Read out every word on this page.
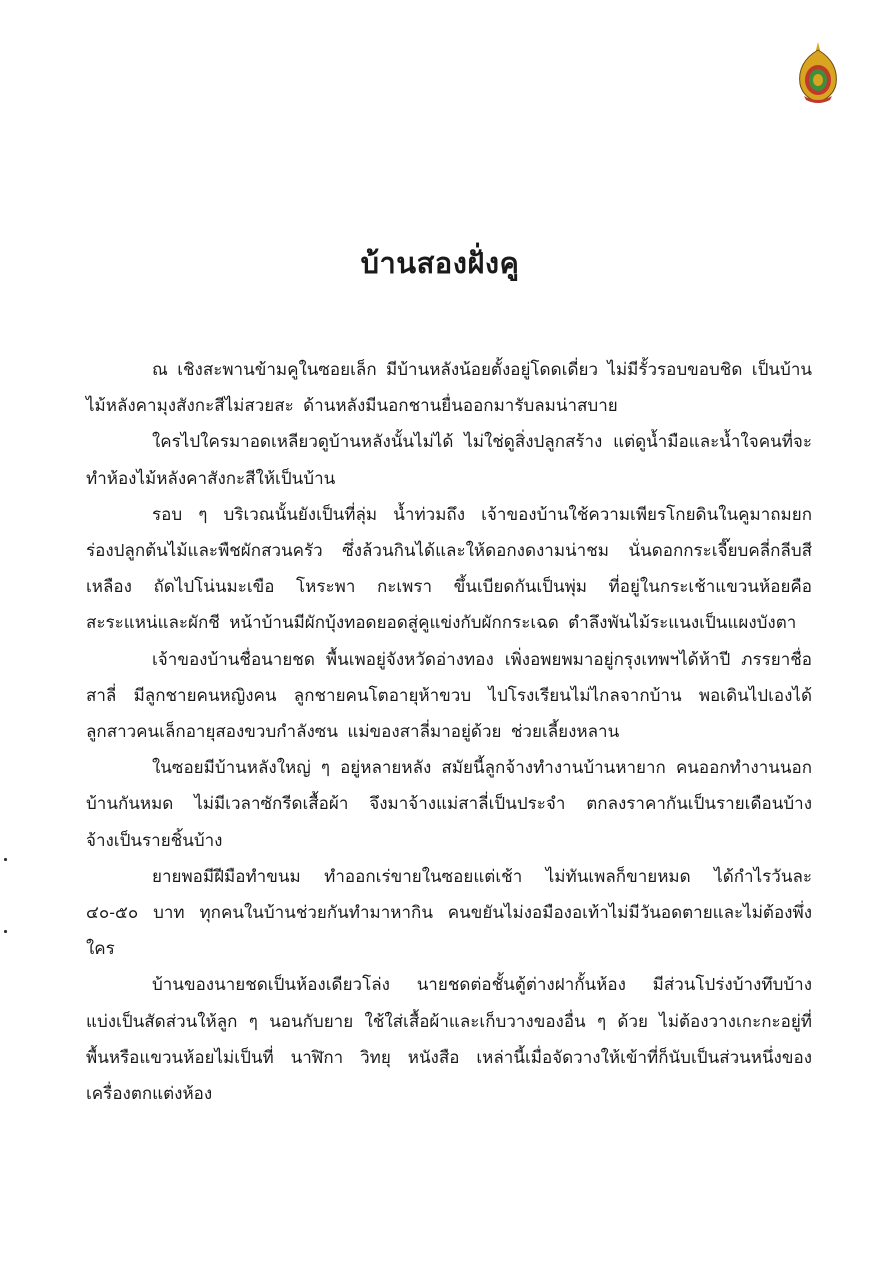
บ้านสองฝั่งคู

ณ เชิงสะพานข้ามคูในซอยเล็ก มีบ้านหลังน้อยตั้งอยู่โดดเดี่ยว ไม่มีรั้วรอบขอบชิด เป็นบ้านไม้หลังคามุงสังกะสีไม่สวยสะ ด้านหลังมีนอกชานยื่นออกมารับลมน่าสบาย

ใครไปใครมาอดเหลียวดูบ้านหลังนั้นไม่ได้ ไม่ใช่ดูสิ่งปลูกสร้าง แต่ดูน้ำมือและน้ำใจคนที่จะทำห้องไม้หลังคาสังกะสีให้เป็นบ้าน

รอบ ๆ บริเวณนั้นยังเป็นที่ลุ่ม น้ำท่วมถึง เจ้าของบ้านใช้ความเพียรโกยดินในคูมาถมยกร่องปลูกต้นไม้และพืชผักสวนครัว ซึ่งล้วนกินได้และให้ดอกงดงามน่าชม นั่นดอกกระเจี๊ยบคลี่กลีบสีเหลือง ถัดไปโน่นมะเขือ โหระพา กะเพรา ขึ้นเบียดกันเป็นพุ่ม ที่อยู่ในกระเช้าแขวนห้อยคือสะระแหน่และผักชี หน้าบ้านมีผักบุ้งทอดยอดสู่คูแข่งกับผักกระเฉด ตำลึงพันไม้ระแนงเป็นแผงบังตา

เจ้าของบ้านชื่อนายชด พื้นเพอยู่จังหวัดอ่างทอง เพิ่งอพยพมาอยู่กรุงเทพฯได้ห้าปี ภรรยาชื่อสาลี่ มีลูกชายคนหญิงคน ลูกชายคนโตอายุห้าขวบ ไปโรงเรียนไม่ไกลจากบ้าน พอเดินไปเองได้ ลูกสาวคนเล็กอายุสองขวบกำลังซน แม่ของสาลี่มาอยู่ด้วย ช่วยเลี้ยงหลาน

ในซอยมีบ้านหลังใหญ่ ๆ อยู่หลายหลัง สมัยนี้ลูกจ้างทำงานบ้านหายาก คนออกทำงานนอกบ้านกันหมด ไม่มีเวลาซักรีดเสื้อผ้า จึงมาจ้างแม่สาลี่เป็นประจำ ตกลงราคากันเป็นรายเดือนบ้าง จ้างเป็นรายชิ้นบ้าง

ยายพอมีฝีมือทำขนม ทำออกเร่ขายในซอยแต่เช้า ไม่ทันเพลก็ขายหมด ได้กำไรวันละ ๔๐-๕๐ บาท ทุกคนในบ้านช่วยกันทำมาหากิน คนขยันไม่งอมืองอเท้าไม่มีวันอดตายและไม่ต้องพึ่งใคร

บ้านของนายชดเป็นห้องเดียวโล่ง นายชดต่อชั้นตู้ต่างฝากั้นห้อง มีส่วนโปร่งบ้างทึบบ้าง แบ่งเป็นสัดส่วนให้ลูก ๆ นอนกับยาย ใช้ใส่เสื้อผ้าและเก็บวางของอื่น ๆ ด้วย ไม่ต้องวางเกะกะอยู่ที่พื้นหรือแขวนห้อยไม่เป็นที่ นาฬิกา วิทยุ หนังสือ เหล่านี้เมื่อจัดวางให้เข้าที่ก็นับเป็นส่วนหนึ่งของเครื่องตกแต่งห้อง
